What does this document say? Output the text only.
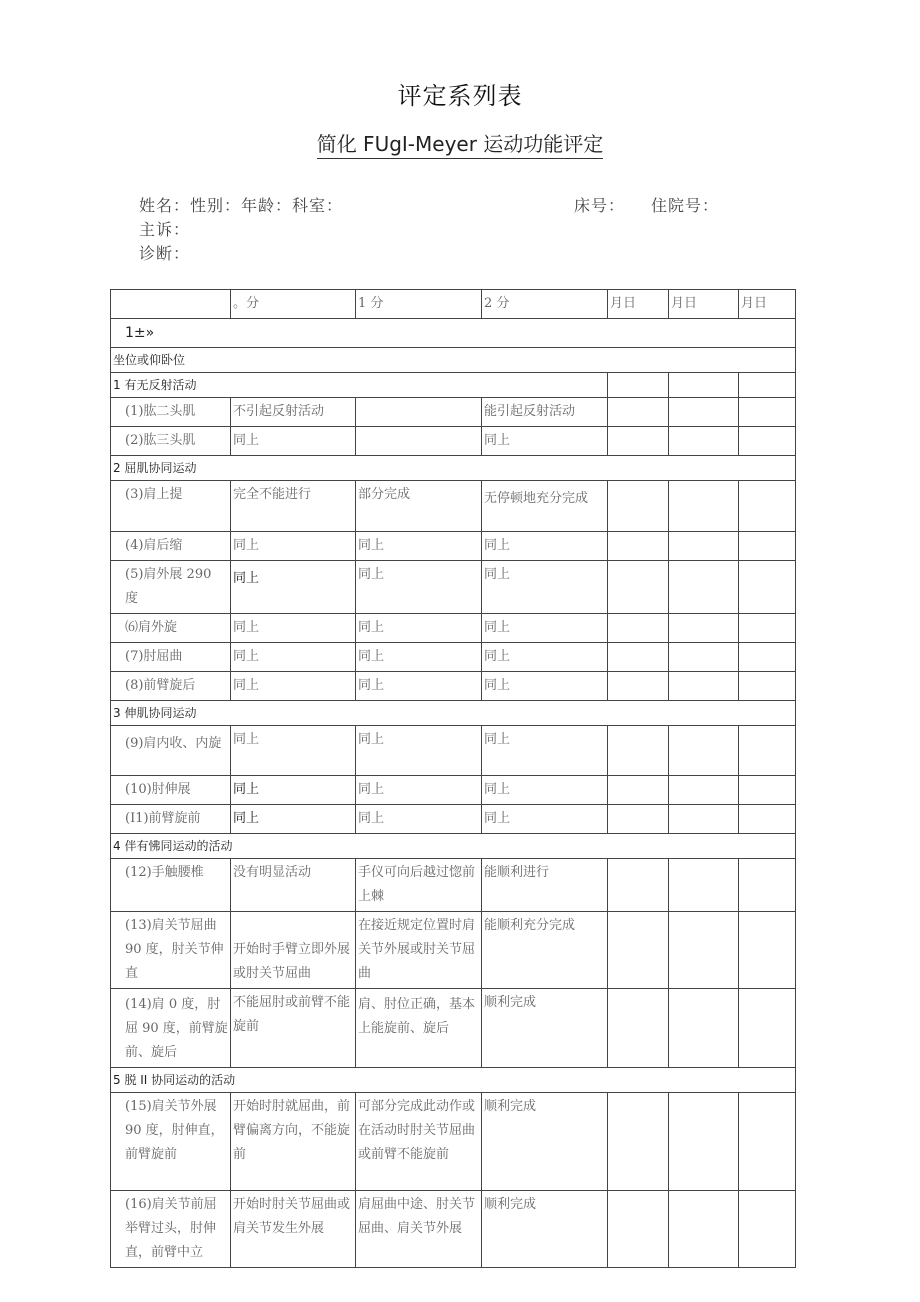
评定系列表
简化 FUgI-Meyer 运动功能评定
姓名：性别：年龄：科室：	床号： 住院号：
主诉：
诊断：
	。分	1 分	2 分	月日	月日	月日
1±»						
坐位或仰卧位						
1 有无反射活动						
(1)肱二头肌	不引起反射活动		能引起反射活动			
(2)肱三头肌	同上		同上			
2 屈肌协同运动						
(3)肩上提	完全不能进行	部分完成	无停顿地充分完成			
(4)肩后缩	同上	同上	同上			
(5)肩外展 290 度	同上	同上	同上			
⑹肩外旋	同上	同上	同上			
(7)肘屈曲	同上	同上	同上			
(8)前臂旋后	同上	同上	同上			
3 伸肌协同运动						
(9)肩内收、内旋	同上	同上	同上			
(10)肘伸展	同上	同上	同上			
(I1)前臂旋前	同上	同上	同上			
4 伴有怫同运动的活动						
(12)手触腰椎	没有明显活动	手仪可向后越过惚前上棘	能顺利进行			
(13)肩关节屈曲 90 度，肘关节伸直	开始时手臂立即外展或肘关节屈曲	在接近规定位置时肩关节外展或肘关节屈曲	能顺利充分完成			
(14)肩 0 度，肘屈 90 度，前臂旋前、旋后	不能屈肘或前臂不能旋前	肩、肘位正确，基本上能旋前、旋后	顺利完成			
5 脱 II 协同运动的活动						
(15)肩关节外展 90 度，肘伸直，前臂旋前	开始时肘就屈曲，前臂偏离方向，不能旋前	可部分完成此动作或在活动时肘关节屈曲或前臂不能旋前	顺利完成			
(16)肩关节前屈举臂过头，肘伸直，前臂中立	开始时肘关节屈曲或肩关节发生外展	肩屈曲中途、肘关节屈曲、肩关节外展	顺利完成			
